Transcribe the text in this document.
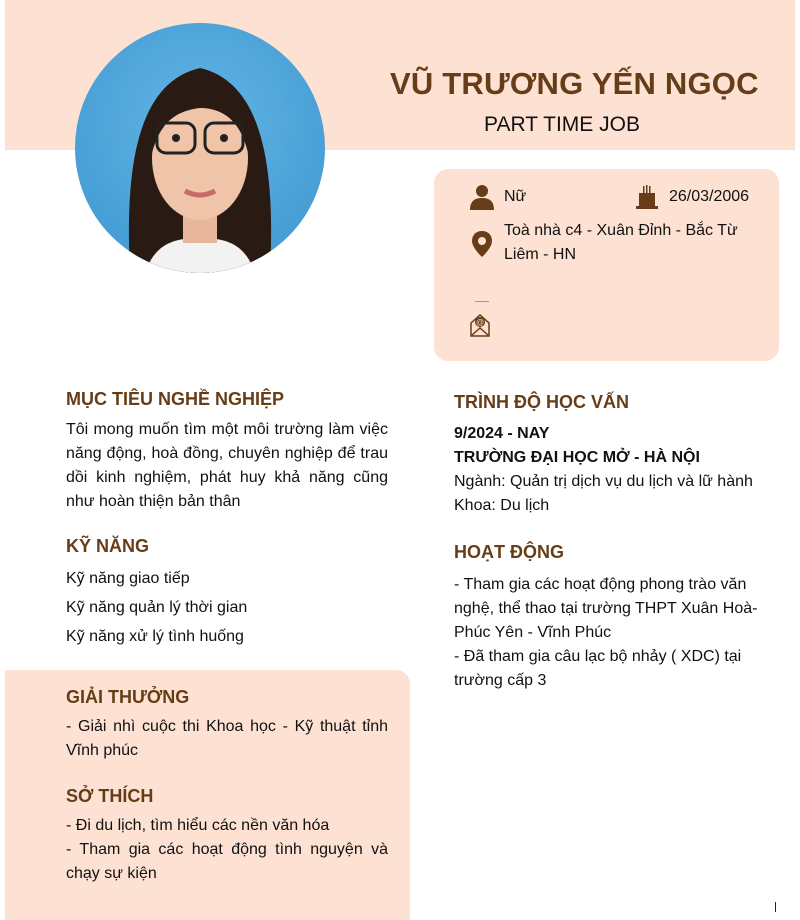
VŨ TRƯƠNG YẾN NGỌC
PART TIME JOB
Nữ	26/03/2006
Toà nhà c4 - Xuân Đỉnh - Bắc Từ Liêm - HN
@
MỤC TIÊU NGHỀ NGHIỆP
Tôi mong muốn tìm một môi trường làm việc năng động, hoà đồng, chuyên nghiệp để trau dồi kinh nghiệm, phát huy khả năng cũng như hoàn thiện bản thân
KỸ NĂNG
Kỹ năng giao tiếp
Kỹ năng quản lý thời gian
Kỹ năng xử lý tình huống
GIẢI THƯỞNG
- Giải nhì cuộc thi Khoa học - Kỹ thuật tỉnh Vĩnh phúc
SỞ THÍCH
- Đi du lịch, tìm hiểu các nền văn hóa
- Tham gia các hoạt động tình nguyện và chạy sự kiện
TRÌNH ĐỘ HỌC VẤN
9/2024 - NAY
TRƯỜNG ĐẠI HỌC MỞ - HÀ NỘI
Ngành: Quản trị dịch vụ du lịch và lữ hành
Khoa: Du lịch
HOẠT ĐỘNG
- Tham gia các hoạt động phong trào văn nghệ, thể thao tại trường THPT Xuân Hoà- Phúc Yên - Vĩnh Phúc
- Đã tham gia câu lạc bộ nhảy ( XDC) tại trường cấp 3
